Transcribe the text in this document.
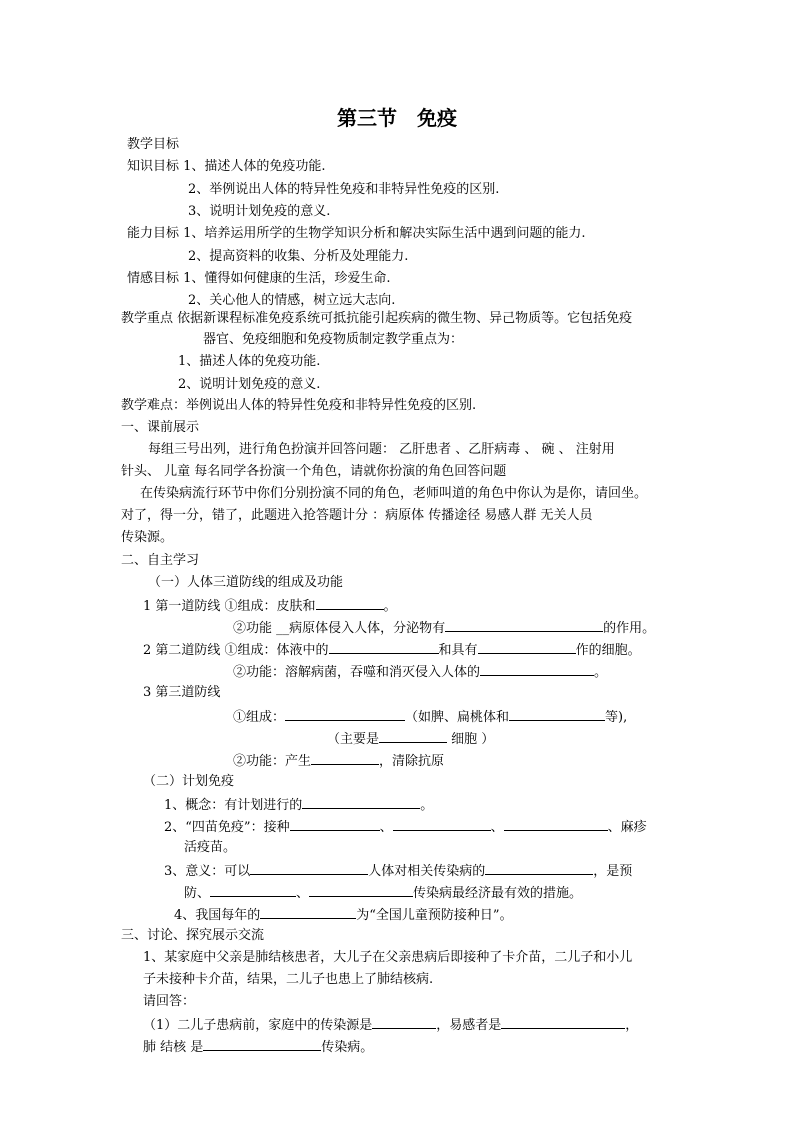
第三节　免疫
教学目标
知识目标 1、描述人体的免疫功能.
2、举例说出人体的特异性免疫和非特异性免疫的区别.
3、说明计划免疫的意义.
能力目标 1、培养运用所学的生物学知识分析和解决实际生活中遇到问题的能力.
2、提高资料的收集、分析及处理能力.
情感目标 1、懂得如何健康的生活，珍爱生命.
2、关心他人的情感，树立远大志向.
教学重点 依据新课程标准免疫系统可抵抗能引起疾病的微生物、异己物质等。它包括免疫
器官、免疫细胞和免疫物质制定教学重点为：
1、描述人体的免疫功能.
2、说明计划免疫的意义.
教学难点：举例说出人体的特异性免疫和非特异性免疫的区别.
一、课前展示
每组三号出列，进行角色扮演并回答问题： 乙肝患者 、乙肝病毒 、 碗 、 注射用
针头、 儿童 每名同学各扮演一个角色，请就你扮演的角色回答问题
在传染病流行环节中你们分别扮演不同的角色，老师叫道的角色中你认为是你，请回坐。
对了，得一分，错了，此题进入抢答题计分 ：病原体 传播途径 易感人群 无关人员
传染源。
二、自主学习
（一）人体三道防线的组成及功能
1 第一道防线 ①组成：皮肤和	。
②功能 __病原体侵入人体，分泌物有	的作用。
2 第二道防线 ①组成：体液中的	和具有	作的细胞。
②功能：溶解病菌，吞噬和消灭侵入人体的	。
3 第三道防线
①组成：	（如脾、扁桃体和	等),
（主要是	细胞 ）
②功能：产生	，清除抗原
（二）计划免疫
1、概念：有计划进行的	。
2、“四苗免疫”：接种	、	、	、麻疹
活疫苗。
3、意义：可以	人体对相关传染病的	，是预
防、	、	传染病最经济最有效的措施。
4、我国每年的	为“全国儿童预防接种日”。
三、讨论、探究展示交流
1、某家庭中父亲是肺结核患者，大儿子在父亲患病后即接种了卡介苗，二儿子和小儿
子未接种卡介苗，结果，二儿子也患上了肺结核病.
请回答：
（1）二儿子患病前，家庭中的传染源是	，易感者是	，
肺 结核 是	传染病。
